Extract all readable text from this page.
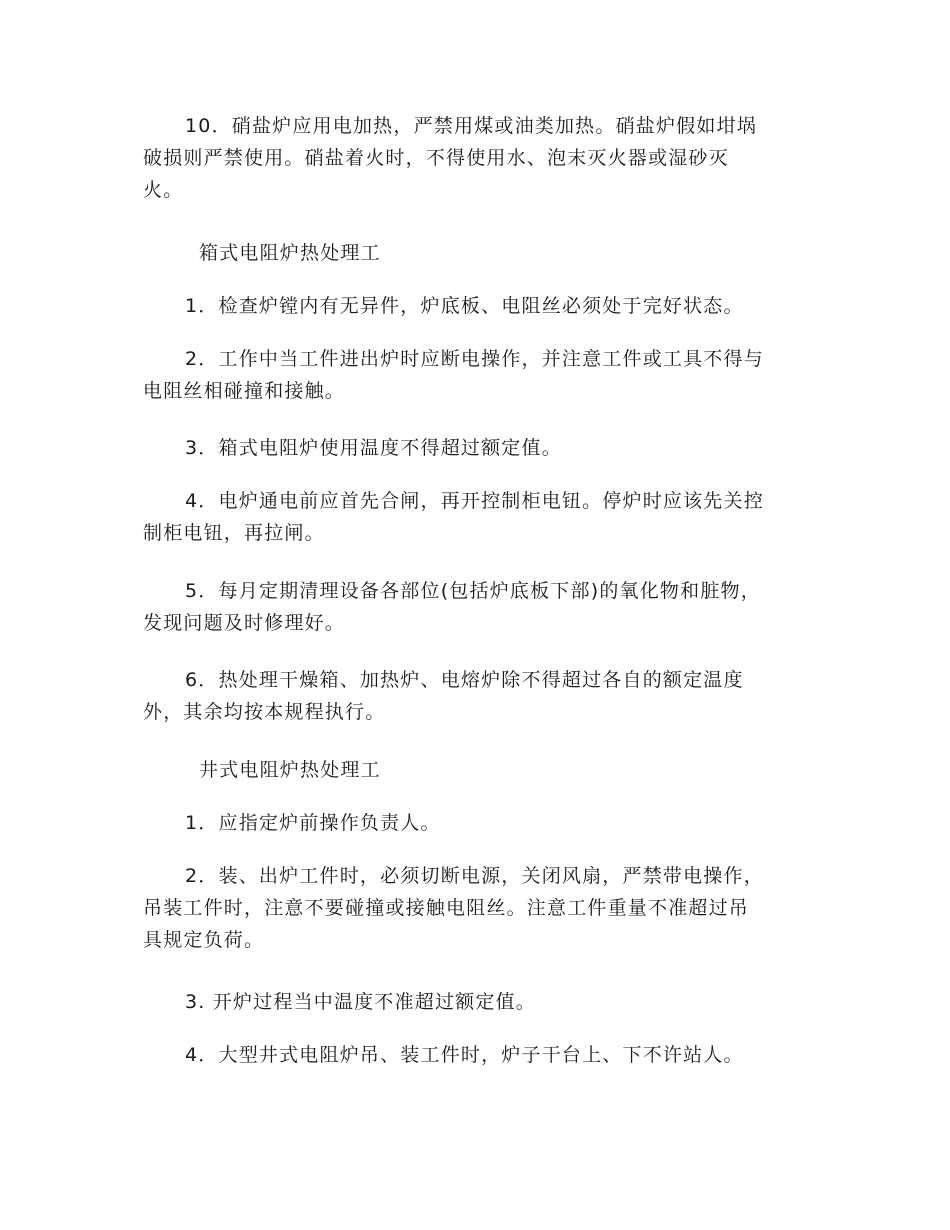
10．硝盐炉应用电加热，严禁用煤或油类加热。硝盐炉假如坩埚
破损则严禁使用。硝盐着火时，不得使用水、泡末灭火器或湿砂灭
火。
箱式电阻炉热处理工
1．检查炉镗内有无异件，炉底板、电阻丝必须处于完好状态。
2．工作中当工件进出炉时应断电操作，并注意工件或工具不得与
电阻丝相碰撞和接触。
3．箱式电阻炉使用温度不得超过额定值。
4．电炉通电前应首先合闸，再开控制柜电钮。停炉时应该先关控
制柜电钮，再拉闸。
5．每月定期清理设备各部位(包括炉底板下部)的氧化物和脏物，
发现问题及时修理好。
6．热处理干燥箱、加热炉、电熔炉除不得超过各自的额定温度
外，其余均按本规程执行。
井式电阻炉热处理工
1．应指定炉前操作负责人。
2．装、出炉工件时，必须切断电源，关闭风扇，严禁带电操作，
吊装工件时，注意不要碰撞或接触电阻丝。注意工件重量不准超过吊
具规定负荷。
3. 开炉过程当中温度不准超过额定值。
4．大型井式电阻炉吊、装工件时，炉子干台上、下不许站人。
